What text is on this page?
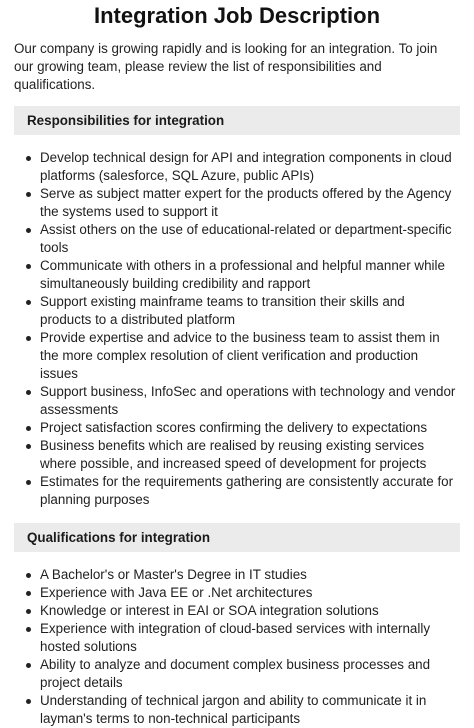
Integration Job Description

Our company is growing rapidly and is looking for an integration. To join our growing team, please review the list of responsibilities and qualifications.

Responsibilities for integration
Develop technical design for API and integration components in cloud platforms (salesforce, SQL Azure, public APIs)
Serve as subject matter expert for the products offered by the Agency the systems used to support it
Assist others on the use of educational-related or department-specific tools
Communicate with others in a professional and helpful manner while simultaneously building credibility and rapport
Support existing mainframe teams to transition their skills and products to a distributed platform
Provide expertise and advice to the business team to assist them in the more complex resolution of client verification and production issues
Support business, InfoSec and operations with technology and vendor assessments
Project satisfaction scores confirming the delivery to expectations
Business benefits which are realised by reusing existing services where possible, and increased speed of development for projects
Estimates for the requirements gathering are consistently accurate for planning purposes
Qualifications for integration
A Bachelor's or Master's Degree in IT studies
Experience with Java EE or .Net architectures
Knowledge or interest in EAI or SOA integration solutions
Experience with integration of cloud-based services with internally hosted solutions
Ability to analyze and document complex business processes and project details
Understanding of technical jargon and ability to communicate it in layman's terms to non-technical participants
